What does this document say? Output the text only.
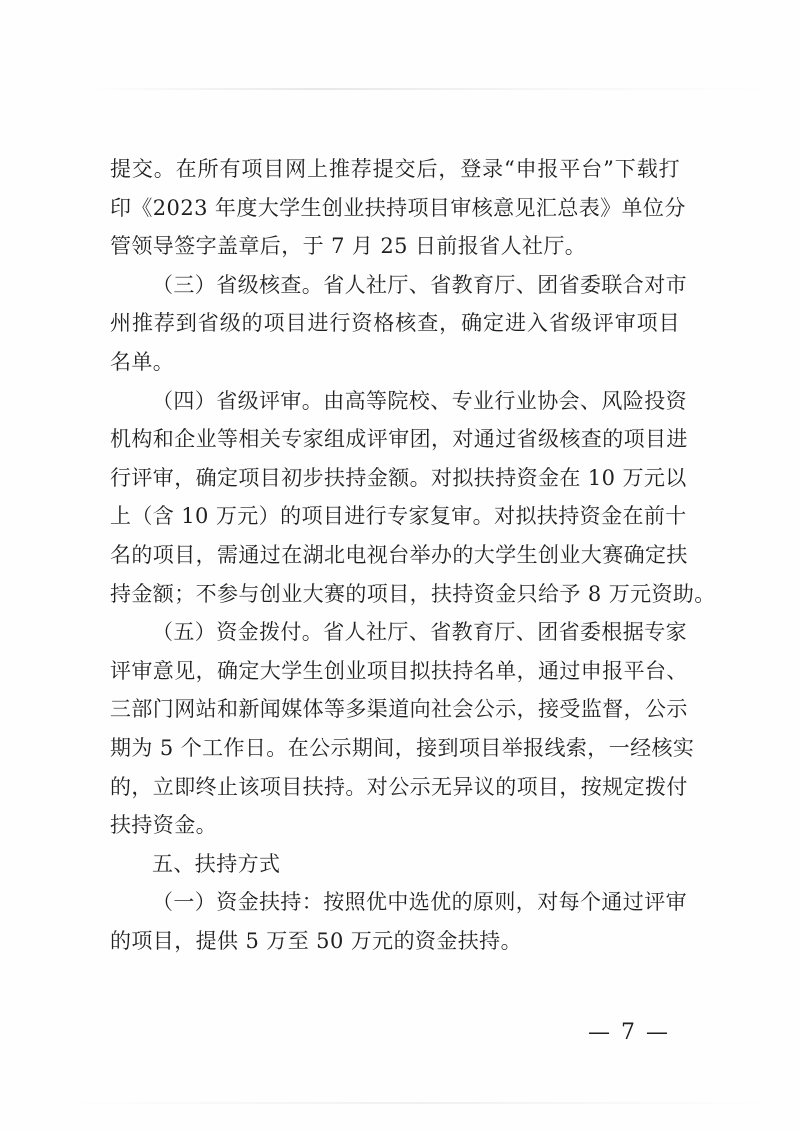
提交。在所有项目网上推荐提交后，登录“申报平台”下载打
印《2023 年度大学生创业扶持项目审核意见汇总表》单位分
管领导签字盖章后，于 7 月 25 日前报省人社厅。
（三）省级核查。省人社厅、省教育厅、团省委联合对市
州推荐到省级的项目进行资格核查，确定进入省级评审项目
名单。
（四）省级评审。由高等院校、专业行业协会、风险投资
机构和企业等相关专家组成评审团，对通过省级核查的项目进
行评审，确定项目初步扶持金额。对拟扶持资金在 10 万元以
上（含 10 万元）的项目进行专家复审。对拟扶持资金在前十
名的项目，需通过在湖北电视台举办的大学生创业大赛确定扶
持金额；不参与创业大赛的项目，扶持资金只给予 8 万元资助。
（五）资金拨付。省人社厅、省教育厅、团省委根据专家
评审意见，确定大学生创业项目拟扶持名单，通过申报平台、
三部门网站和新闻媒体等多渠道向社会公示，接受监督，公示
期为 5 个工作日。在公示期间，接到项目举报线索，一经核实
的，立即终止该项目扶持。对公示无异议的项目，按规定拨付
扶持资金。
五、扶持方式
（一）资金扶持：按照优中选优的原则，对每个通过评审
的项目，提供 5 万至 50 万元的资金扶持。
— 7 —
